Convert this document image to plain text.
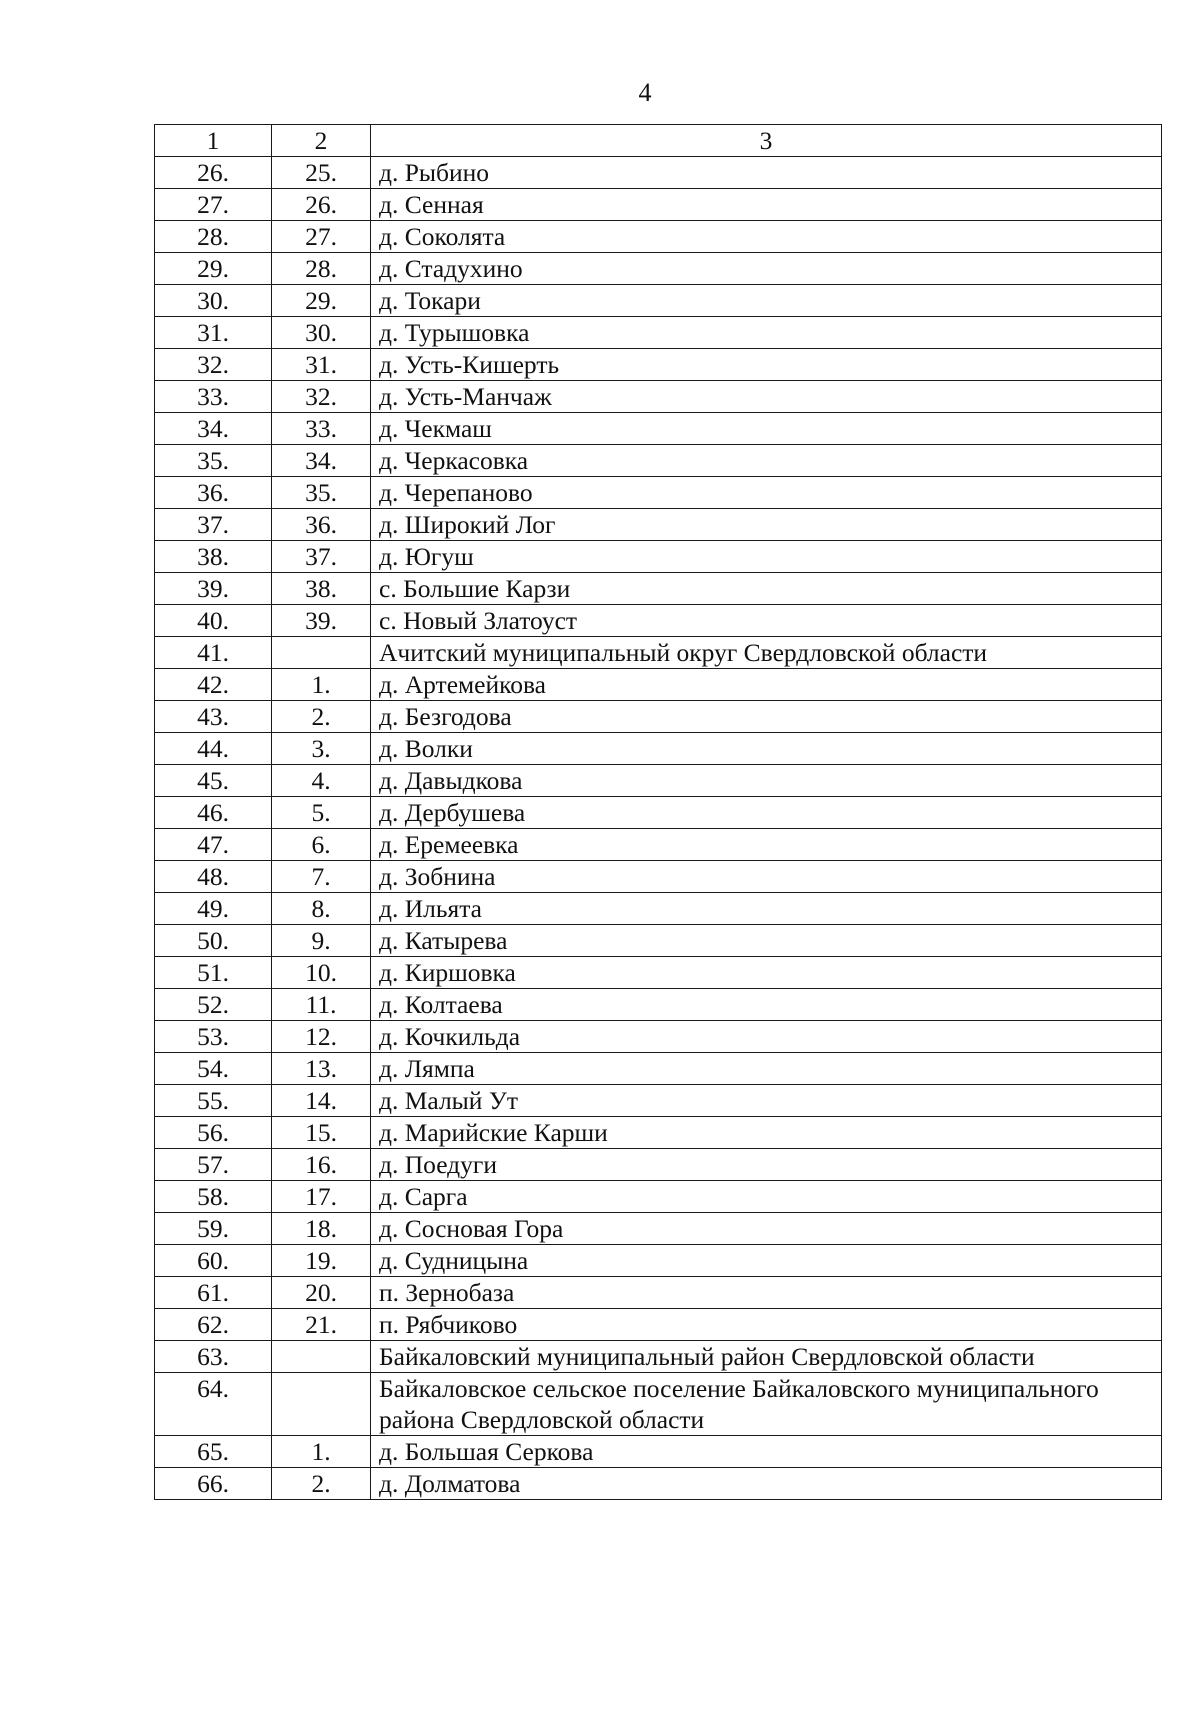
4
1	2	3
26.	25.	д. Рыбино
27.	26.	д. Сенная
28.	27.	д. Соколята
29.	28.	д. Стадухино
30.	29.	д. Токари
31.	30.	д. Турышовка
32.	31.	д. Усть-Кишерть
33.	32.	д. Усть-Манчаж
34.	33.	д. Чекмаш
35.	34.	д. Черкасовка
36.	35.	д. Черепаново
37.	36.	д. Широкий Лог
38.	37.	д. Югуш
39.	38.	с. Большие Карзи
40.	39.	с. Новый Златоуст
41.		Ачитский муниципальный округ Свердловской области
42.	1.	д. Артемейкова
43.	2.	д. Безгодова
44.	3.	д. Волки
45.	4.	д. Давыдкова
46.	5.	д. Дербушева
47.	6.	д. Еремеевка
48.	7.	д. Зобнина
49.	8.	д. Ильята
50.	9.	д. Катырева
51.	10.	д. Киршовка
52.	11.	д. Колтаева
53.	12.	д. Кочкильда
54.	13.	д. Лямпа
55.	14.	д. Малый Ут
56.	15.	д. Марийские Карши
57.	16.	д. Поедуги
58.	17.	д. Сарга
59.	18.	д. Сосновая Гора
60.	19.	д. Судницына
61.	20.	п. Зернобаза
62.	21.	п. Рябчиково
63.		Байкаловский муниципальный район Свердловской области
64.		Байкаловское сельское поселение Байкаловского муниципального района Свердловской области
65.	1.	д. Большая Серкова
66.	2.	д. Долматова
